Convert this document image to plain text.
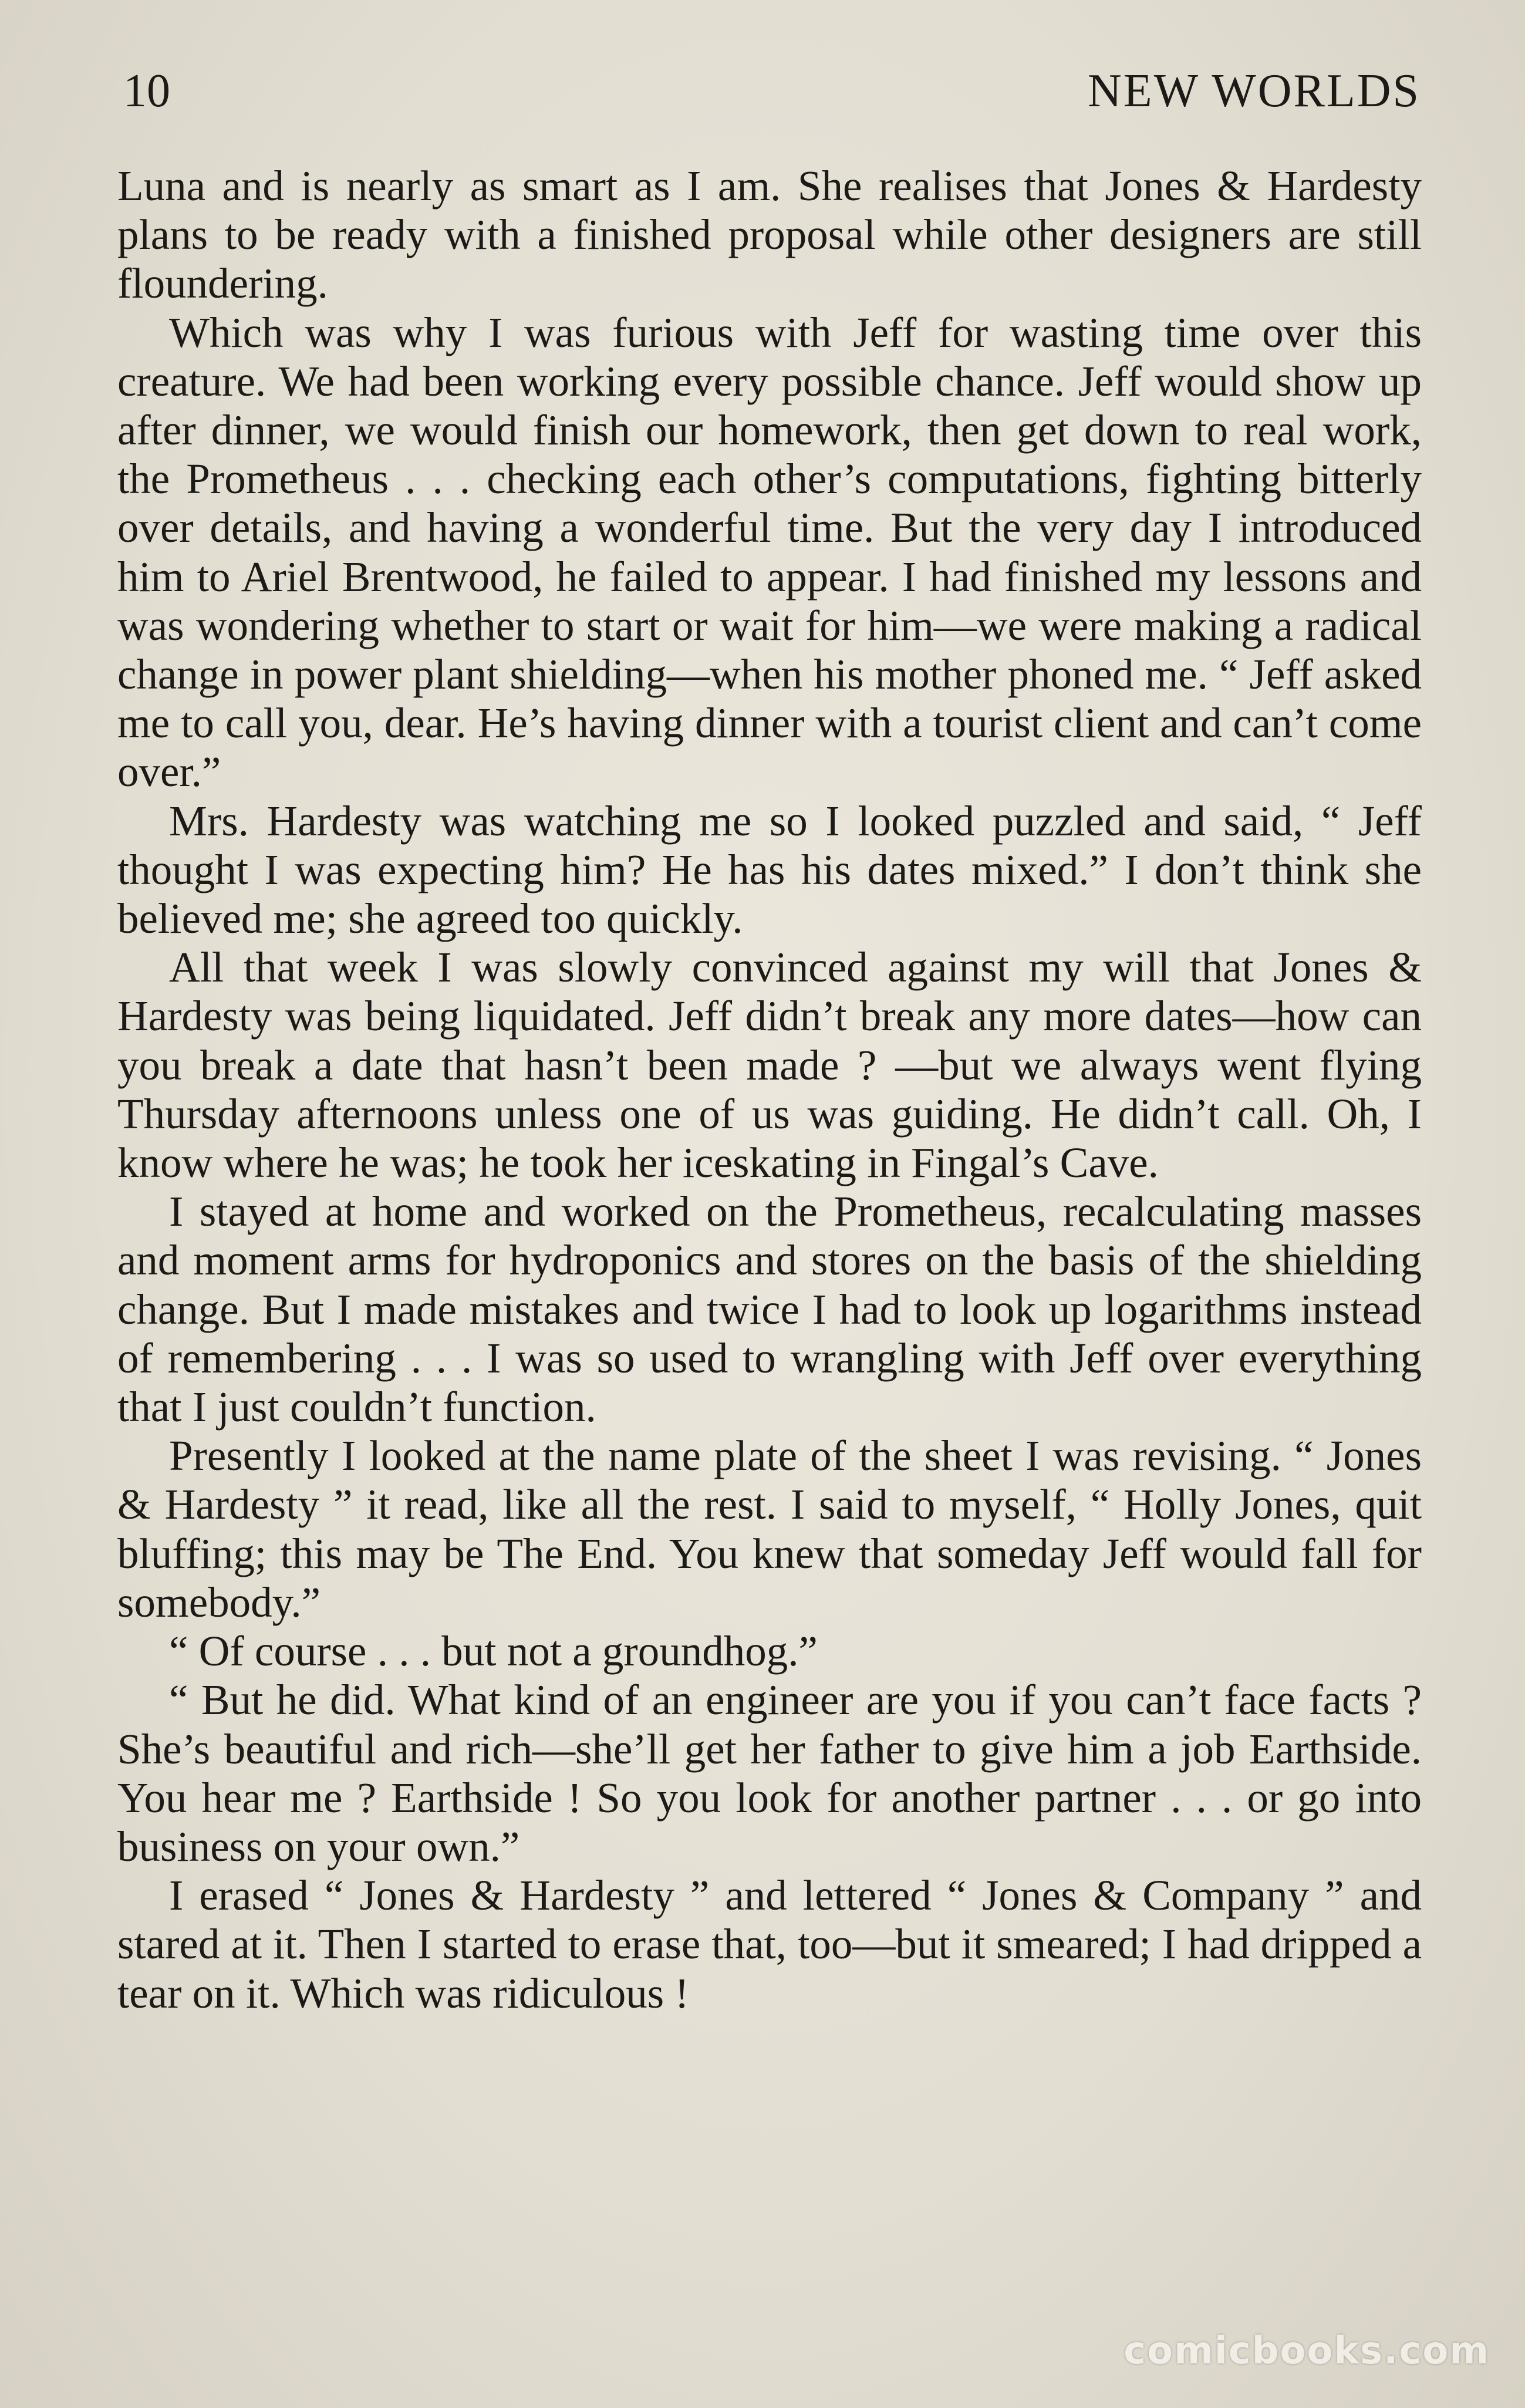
10	NEW WORLDS

Luna and is nearly as smart as I am. She realises that Jones & Hardesty plans to be ready with a finished proposal while other designers are still floundering.

Which was why I was furious with Jeff for wasting time over this creature. We had been working every possible chance. Jeff would show up after dinner, we would finish our homework, then get down to real work, the Prometheus . . . checking each other’s computations, fighting bitterly over details, and having a wonderful time. But the very day I introduced him to Ariel Brentwood, he failed to appear. I had finished my lessons and was wondering whether to start or wait for him—we were making a radical change in power plant shielding—when his mother phoned me. “ Jeff asked me to call you, dear. He’s having dinner with a tourist client and can’t come over.”

Mrs. Hardesty was watching me so I looked puzzled and said, “ Jeff thought I was expecting him? He has his dates mixed.” I don’t think she believed me; she agreed too quickly.

All that week I was slowly convinced against my will that Jones & Hardesty was being liquidated. Jeff didn’t break any more dates—how can you break a date that hasn’t been made ? —but we always went flying Thursday afternoons unless one of us was guiding. He didn’t call. Oh, I know where he was; he took her iceskating in Fingal’s Cave.

I stayed at home and worked on the Prometheus, recalculating masses and moment arms for hydroponics and stores on the basis of the shielding change. But I made mistakes and twice I had to look up logarithms instead of remembering . . . I was so used to wrangling with Jeff over everything that I just couldn’t function.

Presently I looked at the name plate of the sheet I was revising. “ Jones & Hardesty ” it read, like all the rest. I said to myself, “ Holly Jones, quit bluffing; this may be The End. You knew that someday Jeff would fall for somebody.”

“ Of course . . . but not a groundhog.”

“ But he did. What kind of an engineer are you if you can’t face facts ? She’s beautiful and rich—she’ll get her father to give him a job Earthside. You hear me ? Earthside ! So you look for another partner . . . or go into business on your own.”

I erased “ Jones & Hardesty ” and lettered “ Jones & Company ” and stared at it. Then I started to erase that, too—but it smeared; I had dripped a tear on it. Which was ridiculous !

comicbooks.com
